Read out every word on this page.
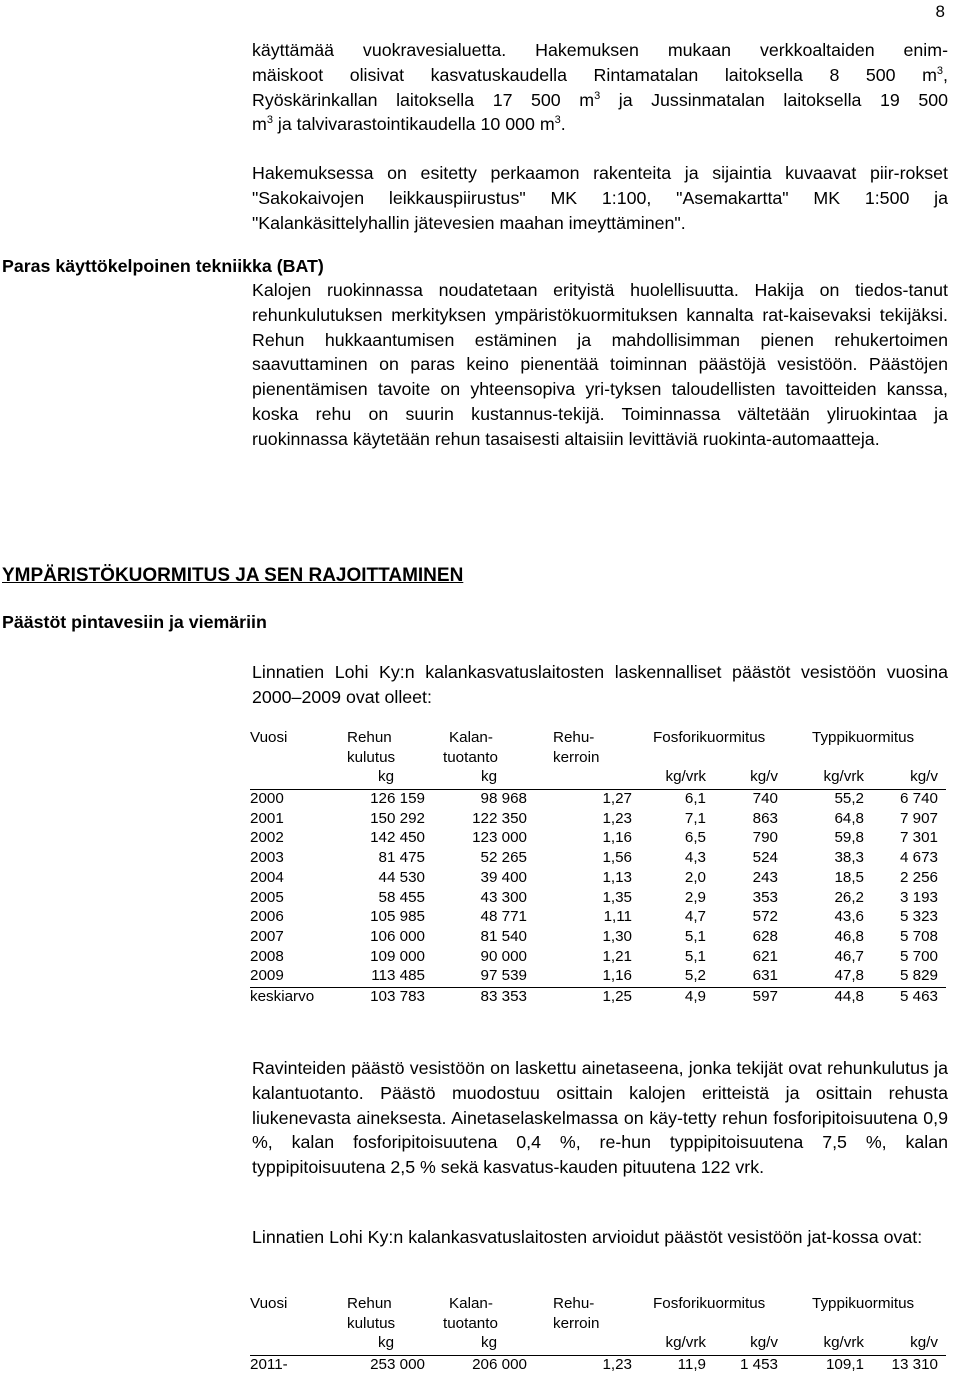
8
käyttämää vuokravesialuetta. Hakemuksen mukaan verkkoaltaiden enim-
mäiskoot olisivat kasvatuskaudella Rintamatalan laitoksella 8 500 $m^3$,
Ryöskärinkallan laitoksella 17 500 $m^3$ ja Jussinmatalan laitoksella 19 500
$m^3$ ja talvivarastointikaudella 10 000 $m^3$.
Hakemuksessa on esitetty perkaamon rakenteita ja sijaintia kuvaavat piir-rokset "Sakokaivojen leikkauspiirustus" MK 1:100, "Asemakartta" MK 1:500 ja "Kalankäsittelyhallin jätevesien maahan imeyttäminen".
Paras käyttökelpoinen tekniikka (BAT)
Kalojen ruokinnassa noudatetaan erityistä huolellisuutta. Hakija on tiedos-tanut rehunkulutuksen merkityksen ympäristökuormituksen kannalta rat-kaisevaksi tekijäksi. Rehun hukkaantumisen estäminen ja mahdollisimman pienen rehukertoimen saavuttaminen on paras keino pienentää toiminnan päästöjä vesistöön. Päästöjen pienentämisen tavoite on yhteensopiva yri-tyksen taloudellisten tavoitteiden kanssa, koska rehu on suurin kustannus-tekijä. Toiminnassa vältetään yliruokintaa ja ruokinnassa käytetään rehun tasaisesti altaisiin levittäviä ruokinta-automaatteja.
YMPÄRISTÖKUORMITUS JA SEN RAJOITTAMINEN
Päästöt pintavesiin ja viemäriin
Linnatien Lohi Ky:n kalankasvatuslaitosten laskennalliset päästöt vesistöön vuosina 2000–2009 ovat olleet:
Vuosi	Rehun	Kalan-	Rehu-	Fosforikuormitus	Typpikuormitus
kulutus	tuotanto	kerroin
kg	kg	kg/vrk	kg/v	kg/vrk	kg/v
2000	126 159	98 968	1,27	6,1	740	55,2 6 740
2001	150 292	122 350	1,23	7,1	863	64,8 7 907
2002	142 450	123 000	1,16	6,5	790	59,8 7 301
2003	81 475	52 265	1,56	4,3	524	38,3 4 673
2004	44 530	39 400	1,13	2,0	243	18,5 2 256
2005	58 455	43 300	1,35	2,9	353	26,2 3 193
2006	105 985	48 771	1,11	4,7	572	43,6 5 323
2007	106 000	81 540	1,30	5,1	628	46,8 5 708
2008	109 000	90 000	1,21	5,1	621	46,7 5 700
2009	113 485	97 539	1,16	5,2	631	47,8 5 829
keskiarvo	103 783	83 353	1,25	4,9	597	44,8 5 463
Ravinteiden päästö vesistöön on laskettu ainetaseena, jonka tekijät ovat rehunkulutus ja kalantuotanto. Päästö muodostuu osittain kalojen eritteistä ja osittain rehusta liukenevasta aineksesta. Ainetaselaskelmassa on käy-tetty rehun fosforipitoisuutena 0,9 %, kalan fosforipitoisuutena 0,4 %, re-hun typpipitoisuutena 7,5 %, kalan typpipitoisuutena 2,5 % sekä kasvatus-kauden pituutena 122 vrk.
Linnatien Lohi Ky:n kalankasvatuslaitosten arvioidut päästöt vesistöön jat-kossa ovat:
Vuosi	Rehun	Kalan-	Rehu-	Fosforikuormitus	Typpikuormitus
kulutus	tuotanto	kerroin
kg	kg	kg/vrk	kg/v	kg/vrk	kg/v
2011-	253 000	206 000	1,23	11,9 1 453	109,1 13 310
